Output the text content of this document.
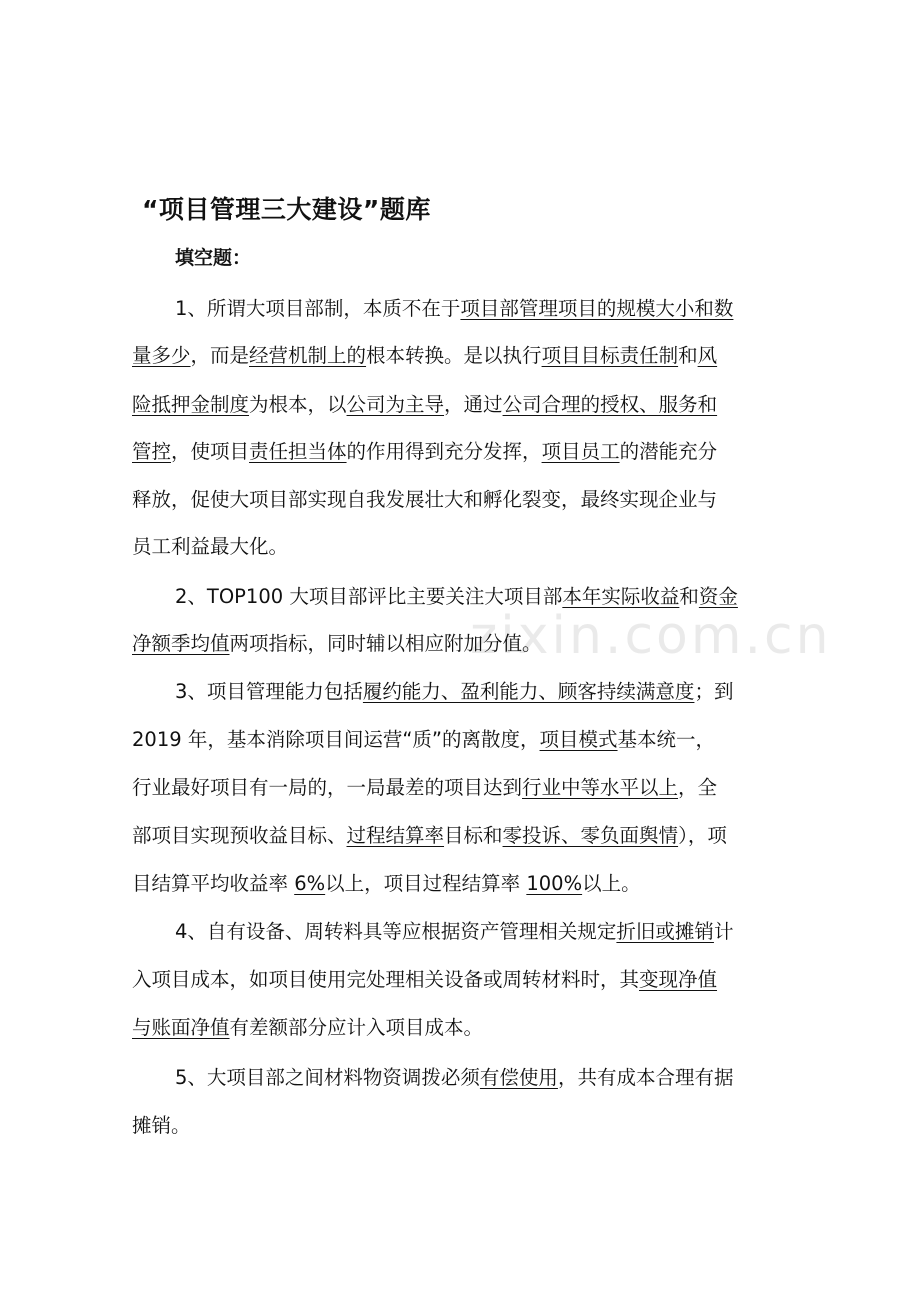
zixin.com.cn
“项目管理三大建设”题库
填空题：
1、所谓大项目部制，本质不在于项目部管理项目的规模大小和数
量多少，而是经营机制上的根本转换。是以执行项目目标责任制和风
险抵押金制度为根本，以公司为主导，通过公司合理的授权、服务和
管控，使项目责任担当体的作用得到充分发挥，项目员工的潜能充分
释放，促使大项目部实现自我发展壮大和孵化裂变，最终实现企业与
员工利益最大化。
2、TOP100 大项目部评比主要关注大项目部本年实际收益和资金
净额季均值两项指标，同时辅以相应附加分值。
3、项目管理能力包括履约能力、盈利能力、顾客持续满意度；到
2019 年，基本消除项目间运营“质”的离散度，项目模式基本统一，
行业最好项目有一局的，一局最差的项目达到行业中等水平以上，全
部项目实现预收益目标、过程结算率目标和零投诉、零负面舆情），项
目结算平均收益率 6%以上，项目过程结算率 100%以上。
4、自有设备、周转料具等应根据资产管理相关规定折旧或摊销计
入项目成本，如项目使用完处理相关设备或周转材料时，其变现净值
与账面净值有差额部分应计入项目成本。
5、大项目部之间材料物资调拨必须有偿使用，共有成本合理有据
摊销。
